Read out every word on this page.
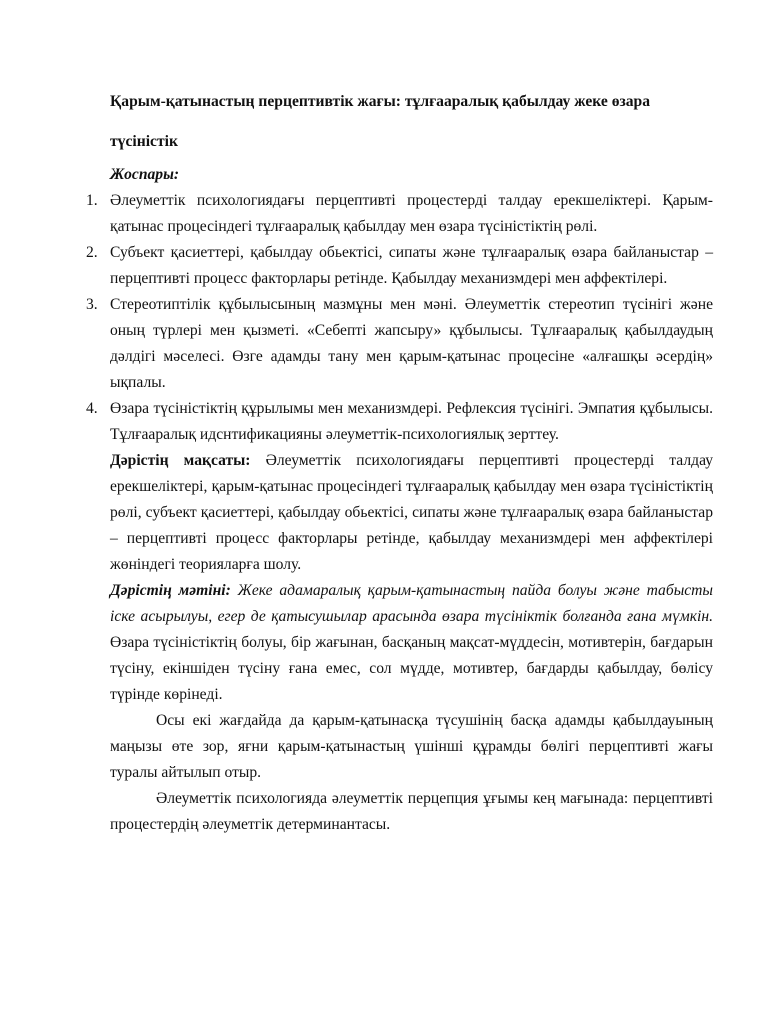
Қарым-қатынастың перцептивтік жағы: тұлғааралық қабылдау жеке өзара түсіністік

Жоспары:

1. Әлеуметтік психологиядағы перцептивті процестерді талдау ерекшеліктері. Қарым-қатынас процесіндегі тұлғааралық қабылдау мен өзара түсіністіктің рөлі.
2. Субъект қасиеттері, қабылдау обьектісі, сипаты және тұлғааралық өзара байланыстар – перцептивті процесс факторлары ретінде. Қабылдау механизмдері мен аффектілері.
3. Стереотиптілік құбылысының мазмұны мен мәні. Әлеуметтік стереотип түсінігі және оның түрлері мен қызметі. «Себепті жапсыру» құбылысы. Тұлғааралық қабылдаудың дәлдігі мәселесі. Өзге адамды тану мен қарым-қатынас процесіне «алғашқы әсердің» ықпалы.
4. Өзара түсіністіктің құрылымы мен механизмдері. Рефлексия түсінігі. Эмпатия құбылысы. Тұлғааралық идснтификацияны әлеуметтік-психологиялық зерттеу.

Дәрістің мақсаты: Әлеуметтік психологиядағы перцептивті процестерді талдау ерекшеліктері, қарым-қатынас процесіндегі тұлғааралық қабылдау мен өзара түсіністіктің рөлі, субъект қасиеттері, қабылдау обьектісі, сипаты және тұлғааралық өзара байланыстар – перцептивті процесс факторлары ретінде, қабылдау механизмдері мен аффектілері жөніндегі теорияларға шолу.

Дәрістің мәтіні: Жеке адамаралық қарым-қатынастың пайда болуы және табысты іске асырылуы, егер де қатысушылар арасында өзара түсініктік болғанда ғана мүмкін. Өзара түсіністіктің болуы, бір жағынан, басқаның мақсат-мүддесін, мотивтерін, бағдарын түсіну, екіншіден түсіну ғана емес, сол мүдде, мотивтер, бағдарды қабылдау, бөлісу түрінде көрінеді.

Осы екі жағдайда да қарым-қатынасқа түсушінің басқа адамды қабылдауының маңызы өте зор, яғни қарым-қатынастың үшінші құрамды бөлігі перцептивті жағы туралы айтылып отыр.

Әлеуметтік психологияда әлеуметтік перцепция ұғымы кең мағынада: перцептивті процестердің әлеуметгік детерминантасы.
